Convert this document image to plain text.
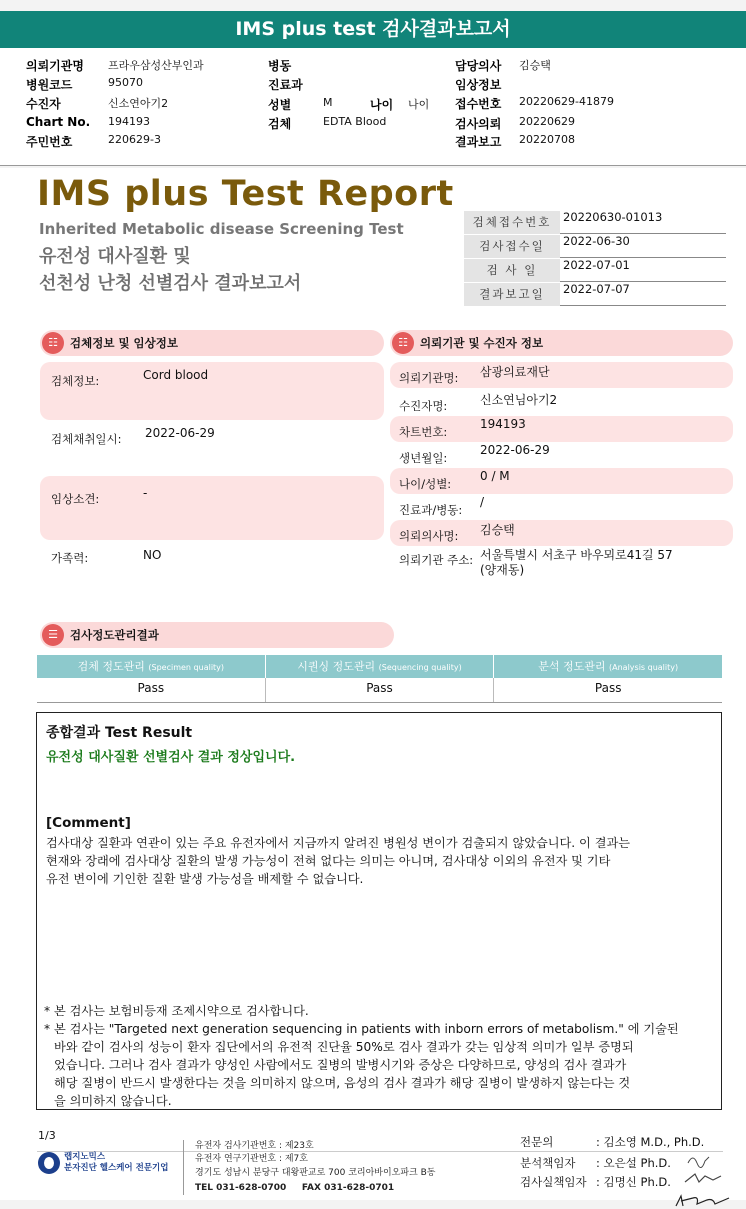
IMS plus test 검사결과보고서
의뢰기관명 프라우삼성산부인과
병원코드	95070
수진자	신소연아기2
Chart No. 194193
주민번호	220629-3
병동
진료과
성별	M
검체	EDTA Blood
담당의사 김승택
임상정보
접수번호 20220629-41879
검사의뢰 20220629
결과보고 20220708
나이 나이
IMS plus Test Report
Inherited Metabolic disease Screening Test
유전성 대사질환 및
선천성 난청 선별검사 결과보고서
검체접수번호	20220630-01013
검사접수일	2022-06-30
검 사 일	2022-07-01
결과보고일	2022-07-07
☷	검체정보 및 임상정보
검체정보:	Cord blood
검체채취일시: 2022-06-29
임상소견:	-
가족력:	NO
☷	의뢰기관 및 수진자 정보
의뢰기관명: 삼광의료재단
수진자명:	신소연님아기2
차트번호:
194193
생년월일:
2022-06-29
나이/성별:
0 / M
진료과/병동:
/
의뢰의사명: 김승택
의뢰기관 주소: 서울특별시 서초구 바우뫼로41길 57
(양재동)
☰	검사정도관리결과
검체 정도관리 (Specimen quality)	시퀀싱 정도관리 (Sequencing quality)	분석 정도관리 (Analysis quality)
Pass	Pass	Pass
종합결과 Test Result
유전성 대사질환 선별검사 결과 정상입니다.
[Comment]
검사대상 질환과 연관이 있는 주요 유전자에서 지금까지 알려진 병원성 변이가 검출되지 않았습니다. 이 결과는
현재와 장래에 검사대상 질환의 발생 가능성이 전혀 없다는 의미는 아니며, 검사대상 이외의 유전자 및 기타
유전 변이에 기인한 질환 발생 가능성을 배제할 수 없습니다.
* 본 검사는 보험비등재 조제시약으로 검사합니다.
* 본 검사는 "Targeted next generation sequencing in patients with inborn errors of metabolism." 에 기술된
바와 같이 검사의 성능이 환자 집단에서의 유전적 진단율 50%로 검사 결과가 갖는 임상적 의미가 일부 증명되
었습니다. 그러나 검사 결과가 양성인 사람에서도 질병의 발병시기와 증상은 다양하므로, 양성의 검사 결과가
해당 질병이 반드시 발생한다는 것을 의미하지 않으며, 음성의 검사 결과가 해당 질병이 발생하지 않는다는 것
을 의미하지 않습니다.
1/3
랩지노믹스
분자진단 헬스케어 전문기업
유전자 검사기관번호 : 제23호
유전자 연구기관번호 : 제7호
경기도 성남시 분당구 대왕판교로 700 코리아바이오파크 B동
TEL 031-628-0700 FAX 031-628-0701
전문의	: 김소영 M.D., Ph.D.
분석책임자 : 오은설 Ph.D.
검사실책임자 : 김명신 Ph.D.
